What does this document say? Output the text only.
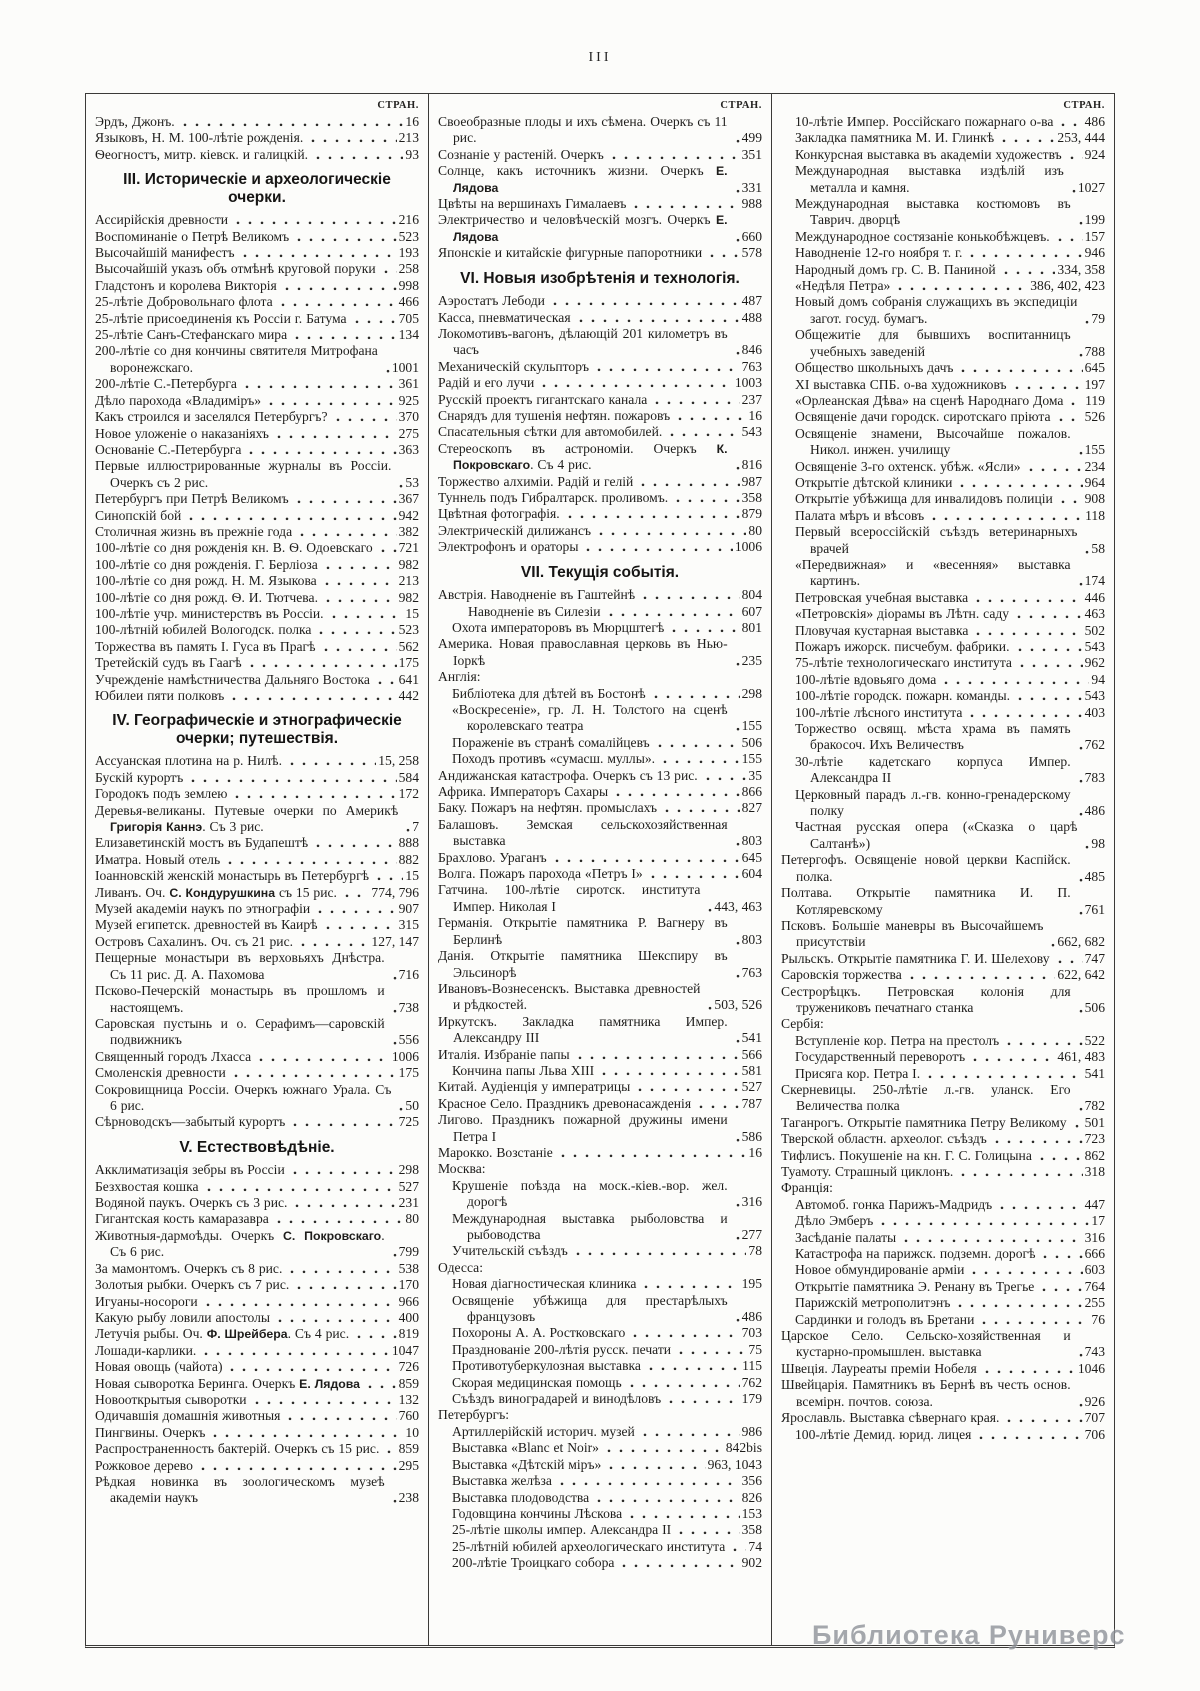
III
СТРАН.
Эрдъ, Джонъ.	16
Языковъ, Н. М. 100-лѣтіе рожденія.	213
Ѳеогностъ, митр. кіевск. и галицкій.	93
III. Историческіе и археологическіе очерки.
Ассирійскія древности	216
Воспоминаніе о Петрѣ Великомъ	523
Высочайшій манифестъ	193
Высочайшій указъ объ отмѣнѣ круговой поруки 258
Гладстонъ и королева Викторія	998
25-лѣтіе Добровольнаго флота	466
25-лѣтіе присоединенія къ Россіи г. Батума	705
25-лѣтіе Санъ-Стефанскаго мира	134
200-лѣтіе со дня кончины святителя Митрофана воронежскаго.	1001
200-лѣтіе С.-Петербурга	361
Дѣло парохода «Владиміръ»	925
Какъ строился и заселялся Петербургъ?	370
Новое уложеніе о наказаніяхъ	275
Основаніе С.-Петербурга	363
Первые иллюстрированные журналы въ Россіи. Очеркъ съ 2 рис.	53
Петербургъ при Петрѣ Великомъ	367
Синопскій бой	942
Столичная жизнь въ прежніе года	382
100-лѣтіе со дня рожденія кн. В. Ѳ. Одоевскаго 721
100-лѣтіе со дня рожденія. Г. Берліоза	982
100-лѣтіе со дня рожд. Н. М. Языкова	213
100-лѣтіе со дня рожд. Ѳ. И. Тютчева.	982
100-лѣтіе учр. министерствъ въ Россіи.	15
100-лѣтній юбилей Вологодск. полка	523
Торжества въ память І. Гуса въ Прагѣ	562
Третейскій судъ въ Гаагѣ	175
Учрежденіе намѣстничества Дальняго Востока 641
Юбилеи пяти полковъ	442
IV. Географическіе и этнографическіе очерки; путешествія.
Ассуанская плотина на р. Нилѣ.	15, 258
Бускій курортъ	584
Городокъ подъ землею	172
Деревья-великаны. Путевые очерки по Америкѣ Григорія Каннэ. Съ 3 рис.	7
Елизаветинскій мостъ въ Будапештѣ	888
Иматра. Новый отель	882
Іоанновскій женскій монастырь въ Петербургѣ	15
Ливанъ. Оч. С. Кондурушкина съ 15 рис.	774, 796
Музей академіи наукъ по этнографіи	907
Музей египетск. древностей въ Каирѣ	315
Островъ Сахалинъ. Оч. съ 21 рис.	127, 147
Пещерные монастыри въ верховьяхъ Днѣстра. Съ 11 рис. Д. А. Пахомова	716
Псково-Печерскій монастырь въ прошломъ и настоящемъ.	738
Саровская пустынь и о. Серафимъ—саровскій подвижникъ	556
Священный городъ Лхасса	1006
Смоленскія древности	175
Сокровищница Россіи. Очеркъ южнаго Урала. Съ 6 рис.	50
Сѣрноводскъ—забытый курортъ	725
V. Естествовѣдѣніе.
Акклиматизація зебры въ Россіи	298
Безхвостая кошка	527
Водяной паукъ. Очеркъ съ 3 рис.	231
Гигантская кость камаразавра	80
Животныя-дармоѣды. Очеркъ С. Покровскаго. Съ 6 рис.	799
За мамонтомъ. Очеркъ съ 8 рис.	538
Золотыя рыбки. Очеркъ съ 7 рис.	170
Игуаны-носороги	966
Какую рыбу ловили апостолы	400
Летучія рыбы. Оч. Ф. Шрейбера. Съ 4 рис.	819
Лошади-карлики.	1047
Новая овощь (чайота)	726
Новая сыворотка Беринга. Очеркъ Е. Лядова	859
Новооткрытыя сыворотки	132
Одичавшія домашнія животныя	760
Пингвины. Очеркъ	10
Распространенность бактерій. Очеркъ съ 15 рис. 859
Рожковое дерево	295
Рѣдкая новинка въ зоологическомъ музеѣ академіи наукъ	238
СТРАН.
Своеобразные плоды и ихъ сѣмена. Очеркъ съ 11 рис.	499
Сознаніе у растеній. Очеркъ	351
Солнце, какъ источникъ жизни. Очеркъ Е. Лядова	331
Цвѣты на вершинахъ Гималаевъ	988
Электричество и человѣческій мозгъ. Очеркъ Е. Лядова	660
Японскіе и китайскіе фигурные папоротники	578
VI. Новыя изобрѣтенія и технологія.
Аэростатъ Лебоди	487
Касса, пневматическая	488
Локомотивъ-вагонъ, дѣлающій 201 километръ въ часъ	846
Механическій скульпторъ	763
Радій и его лучи	1003
Русскій проектъ гигантскаго канала	237
Снарядъ для тушенія нефтян. пожаровъ	16
Спасательныя сѣтки для автомобилей.	543
Стереоскопъ въ астрономіи. Очеркъ К. Покровскаго. Съ 4 рис.	816
Торжество алхиміи. Радій и гелій	987
Туннель подъ Гибралтарск. проливомъ.	358
Цвѣтная фотографія.	879
Электрическій дилижансъ	80
Электрофонъ и ораторы	1006
VII. Текущія событія.
Австрія. Наводненіе въ Гаштейнѣ	804
Наводненіе въ Силезіи	607
Охота императоровъ въ Мюрцштегѣ	801
Америка. Новая православная церковь въ Нью-Іоркѣ	235
Англія:
Библіотека для дѣтей въ Бостонѣ	298
«Воскресеніе», гр. Л. Н. Толстого на сценѣ королевскаго театра	155
Пораженіе въ странѣ сомалійцевъ	506
Походъ противъ «сумасш. муллы».	155
Андижанская катастрофа. Очеркъ съ 13 рис.	35
Африка. Императоръ Сахары	866
Баку. Пожаръ на нефтян. промыслахъ	827
Балашовъ. Земская сельскохозяйственная выставка	803
Брахлово. Ураганъ	645
Волга. Пожаръ парохода «Петръ I»	604
Гатчина. 100-лѣтіе сиротск. института Импер. Николая I	443, 463
Германія. Открытіе памятника Р. Вагнеру въ Берлинѣ	803
Данія. Открытіе памятника Шекспиру въ Эльсинорѣ	763
Ивановъ-Вознесенскъ. Выставка древностей и рѣдкостей.	503, 526
Иркутскъ. Закладка памятника Импер. Александру III	541
Италія. Избраніе папы	566
Кончина папы Льва XIII	581
Китай. Аудіенція у императрицы	527
Красное Село. Праздникъ древонасажденія	787
Лигово. Праздникъ пожарной дружины имени Петра I	586
Марокко. Возстаніе	16
Москва:
Крушеніе поѣзда на моск.-кіев.-вор. жел. дорогѣ	316
Международная выставка рыболовства и рыбоводства	277
Учительскій съѣздъ	78
Одесса:
Новая діагностическая клиника	195
Освященіе убѣжища для престарѣлыхъ французовъ	486
Похороны А. А. Ростковскаго	703
Празднованіе 200-лѣтія русск. печати	75
Противотуберкулозная выставка	115
Скорая медицинская помощь	762
Съѣздъ виноградарей и винодѣловъ	179
Петербургъ:
Артиллерійскій историч. музей	986
Выставка «Blanc et Noir»	842bis
Выставка «Дѣтскій міръ»	963, 1043
Выставка желѣза	356
Выставка плодоводства	826
Годовщина кончины Лѣскова	153
25-лѣтіе школы импер. Александра II	358
25-лѣтній юбилей археологическаго института 74
200-лѣтіе Троицкаго собора	902
СТРАН.
10-лѣтіе Импер. Россійскаго пожарнаго о-ва 486
Закладка памятника М. И. Глинкѣ	253, 444
Конкурсная выставка въ академіи художествъ 924
Международная выставка издѣлій изъ металла и камня.	1027
Международная выставка костюмовъ въ Таврич. дворцѣ	199
Международное состязаніе конькобѣжцевъ.	157
Наводненіе 12-го ноября т. г.	946
Народный домъ гр. С. В. Паниной	334, 358
«Недѣля Петра»	386, 402, 423
Новый домъ собранія служащихъ въ экспедиціи загот. госуд. бумагъ.	79
Общежитіе для бывшихъ воспитанницъ учебныхъ заведеній	788
Общество школьныхъ дачъ	645
XI выставка СПБ. о-ва художниковъ	197
«Орлеанская Дѣва» на сценѣ Народнаго Дома 119
Освященіе дачи городск. сиротскаго пріюта	526
Освященіе знамени, Высочайше пожалов. Никол. инжен. училищу	155
Освященіе 3-го охтенск. убѣж. «Ясли»	234
Открытіе дѣтской клиники	964
Открытіе убѣжища для инвалидовъ полиціи 908
Палата мѣръ и вѣсовъ	118
Первый всероссійскій съѣздъ ветеринарныхъ врачей	58
«Передвижная» и «весенняя» выставка картинъ.	174
Петровская учебная выставка	446
«Петровскія» діорамы въ Лѣтн. саду	463
Пловучая кустарная выставка	502
Пожаръ ижорск. писчебум. фабрики.	543
75-лѣтіе технологическаго института	962
100-лѣтіе вдовьяго дома	94
100-лѣтіе городск. пожарн. команды.	543
100-лѣтіе лѣсного института	403
Торжество освящ. мѣста храма въ память бракосоч. Ихъ Величествъ	762
30-лѣтіе кадетскаго корпуса Импер. Александра II	783
Церковный парадъ л.-гв. конно-гренадерскому полку	486
Частная русская опера («Сказка о царѣ Салтанѣ»)	98
Петергофъ. Освященіе новой церкви Каспійск. полка.	485
Полтава. Открытіе памятника И. П. Котляревскому	761
Псковъ. Большіе маневры въ Высочайшемъ присутствіи	662, 682
Рыльскъ. Открытіе памятника Г. И. Шелехову	747
Саровскія торжества	622, 642
Сестрорѣцкъ. Петровская колонія для тружениковъ печатнаго станка	506
Сербія:
Вступленіе кор. Петра на престолъ	522
Государственный переворотъ	461, 483
Присяга кор. Петра I.	541
Скерневицы. 250-лѣтіе л.-гв. уланск. Его Величества полка	782
Таганрогъ. Открытіе памятника Петру Великому 501
Тверской областн. археолог. съѣздъ	723
Тифлисъ. Покушеніе на кн. Г. С. Голицына	862
Туамоту. Страшный циклонъ.	318
Франція:
Автомоб. гонка Парижъ-Мадридъ	447
Дѣло Эмберъ	17
Засѣданіе палаты	316
Катастрофа на парижск. подземн. дорогѣ	666
Новое обмундированіе арміи	603
Открытіе памятника Э. Ренану въ Трегье	764
Парижскій метрополитэнъ	255
Сардинки и голодъ въ Бретани	76
Царское Село. Сельско-хозяйственная и кустарно-промышлен. выставка	743
Швеція. Лауреаты преміи Нобеля	1046
Швейцарія. Памятникъ въ Бернѣ въ честь основ. всемірн. почтов. союза.	926
Ярославль. Выставка сѣвернаго края.	707
100-лѣтіе Демид. юрид. лицея	706
Библиотека Руниверс
